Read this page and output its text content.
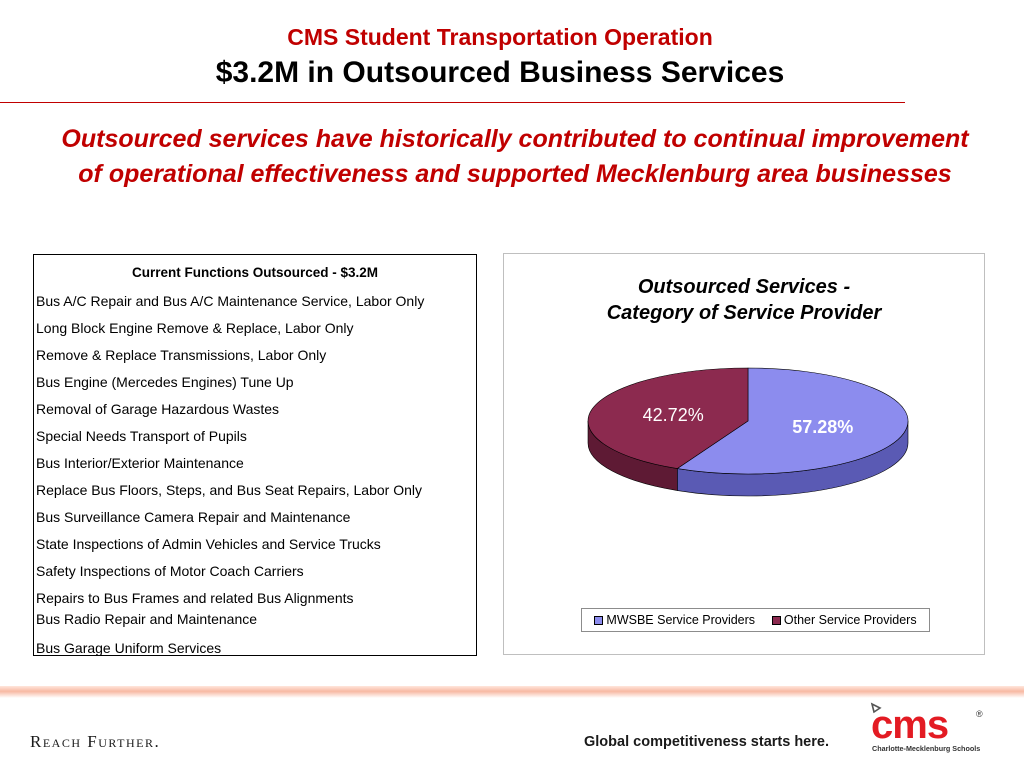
CMS Student Transportation Operation
$3.2M in Outsourced Business Services
Outsourced services have historically contributed to continual improvement of operational effectiveness and supported Mecklenburg area businesses
Current Functions Outsourced - $3.2M
Bus A/C Repair and Bus A/C Maintenance Service, Labor Only
Long Block Engine Remove & Replace, Labor Only
Remove & Replace Transmissions, Labor Only
Bus Engine (Mercedes Engines) Tune Up
Removal of Garage Hazardous Wastes
Special Needs Transport of Pupils
Bus Interior/Exterior Maintenance
Replace Bus Floors, Steps, and Bus Seat Repairs, Labor Only
Bus Surveillance Camera Repair and Maintenance
State Inspections of Admin Vehicles and Service Trucks
Safety Inspections of Motor Coach Carriers
Repairs to Bus Frames and related Bus Alignments
Bus Radio Repair and Maintenance
Bus Garage Uniform Services
Outsourced Services -
Category of Service Provider
57.28%
42.72%
MWSBE Service Providers Other Service Providers
Reach Further.	Global competitiveness starts here. cms	®
Charlotte-Mecklenburg Schools
